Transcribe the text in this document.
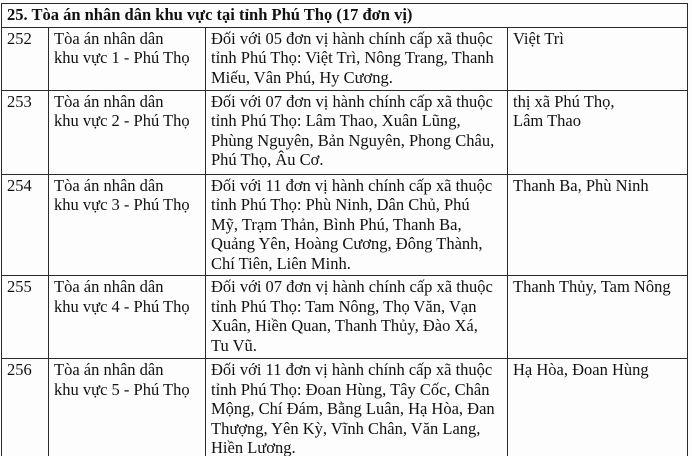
25. Tòa án nhân dân khu vực tại tỉnh Phú Thọ (17 đơn vị)			
252	Tòa án nhân dân
khu vực 1 - Phú Thọ	Đối với 05 đơn vị hành chính cấp xã thuộc
tỉnh Phú Thọ: Việt Trì, Nông Trang, Thanh
Miếu, Vân Phú, Hy Cương.	Việt Trì

253	Tòa án nhân dân
khu vực 2 - Phú Thọ	Đối với 07 đơn vị hành chính cấp xã thuộc
tỉnh Phú Thọ: Lâm Thao, Xuân Lũng,
Phùng Nguyên, Bản Nguyên, Phong Châu,
Phú Thọ, Âu Cơ.	thị xã Phú Thọ,
Lâm Thao

254	Tòa án nhân dân
khu vực 3 - Phú Thọ	Đối với 11 đơn vị hành chính cấp xã thuộc
tỉnh Phú Thọ: Phù Ninh, Dân Chủ, Phú
Mỹ, Trạm Thản, Bình Phú, Thanh Ba,
Quảng Yên, Hoàng Cương, Đông Thành,
Chí Tiên, Liên Minh.	Thanh Ba, Phù Ninh

255	Tòa án nhân dân
khu vực 4 - Phú Thọ	Đối với 07 đơn vị hành chính cấp xã thuộc
tỉnh Phú Thọ: Tam Nông, Thọ Văn, Vạn
Xuân, Hiền Quan, Thanh Thủy, Đào Xá,
Tu Vũ.	Thanh Thủy, Tam Nông

256	Tòa án nhân dân
khu vực 5 - Phú Thọ	Đối với 11 đơn vị hành chính cấp xã thuộc
tỉnh Phú Thọ: Đoan Hùng, Tây Cốc, Chân
Mộng, Chí Đám, Bằng Luân, Hạ Hòa, Đan
Thượng, Yên Kỳ, Vĩnh Chân, Văn Lang,
Hiền Lương.	Hạ Hòa, Đoan Hùng
